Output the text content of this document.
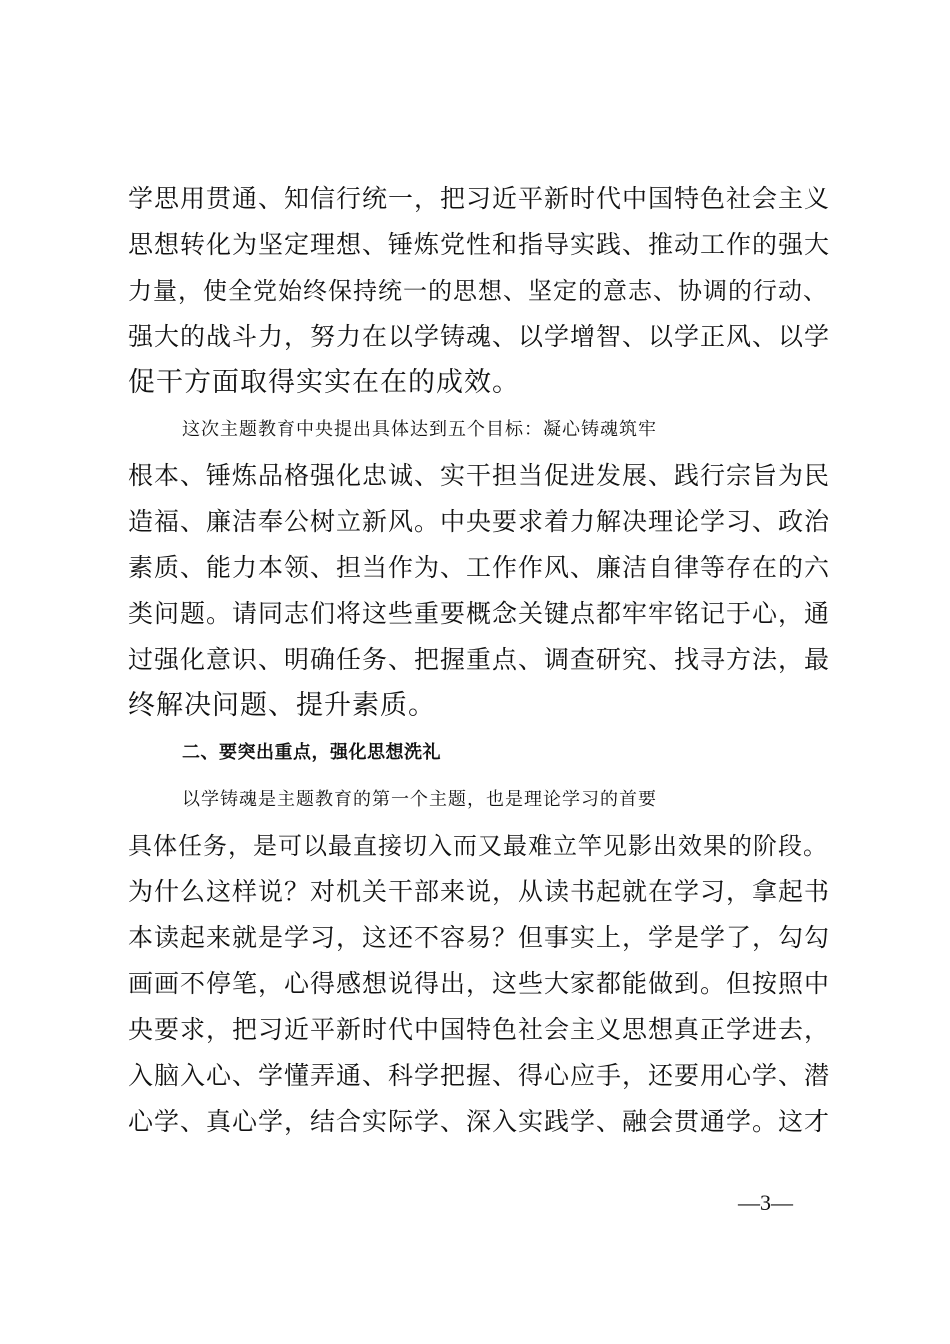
学思用贯通、知信行统一，把习近平新时代中国特色社会主义
思想转化为坚定理想、锤炼党性和指导实践、推动工作的强大
力量，使全党始终保持统一的思想、坚定的意志、协调的行动、
强大的战斗力，努力在以学铸魂、以学增智、以学正风、以学
促干方面取得实实在在的成效。
这次主题教育中央提出具体达到五个目标：凝心铸魂筑牢
根本、锤炼品格强化忠诚、实干担当促进发展、践行宗旨为民
造福、廉洁奉公树立新风。中央要求着力解决理论学习、政治
素质、能力本领、担当作为、工作作风、廉洁自律等存在的六
类问题。请同志们将这些重要概念关键点都牢牢铭记于心，通
过强化意识、明确任务、把握重点、调查研究、找寻方法，最
终解决问题、提升素质。
二、要突出重点，强化思想洗礼
以学铸魂是主题教育的第一个主题，也是理论学习的首要
具体任务，是可以最直接切入而又最难立竿见影出效果的阶段。
为什么这样说？对机关干部来说，从读书起就在学习，拿起书
本读起来就是学习，这还不容易？但事实上，学是学了，勾勾
画画不停笔，心得感想说得出，这些大家都能做到。但按照中
央要求，把习近平新时代中国特色社会主义思想真正学进去，
入脑入心、学懂弄通、科学把握、得心应手，还要用心学、潜
心学、真心学，结合实际学、深入实践学、融会贯通学。这才
—3—
